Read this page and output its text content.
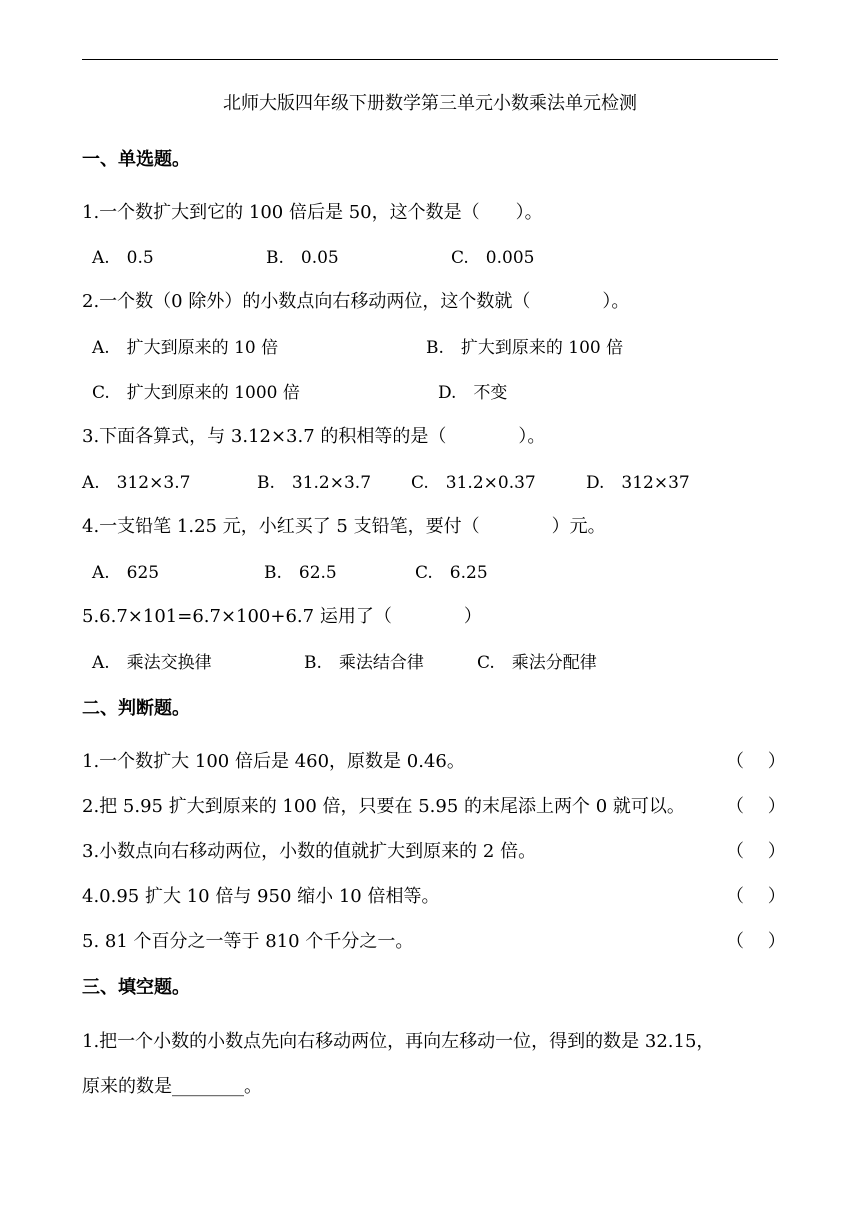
北师大版四年级下册数学第三单元小数乘法单元检测
一、单选题。
1.一个数扩大到它的 100 倍后是 50，这个数是（　　）。
A.　0.5	B.　0.05	C.　0.005
2.一个数（0 除外）的小数点向右移动两位，这个数就（　　　　）。
A.　扩大到原来的 10 倍	B.　扩大到原来的 100 倍
C.　扩大到原来的 1000 倍	D.　不变
3.下面各算式，与 3.12×3.7 的积相等的是（　　　　）。
A.　312×3.7	B.　31.2×3.7 C.　31.2×0.37	D.　312×37
4.一支铅笔 1.25 元，小红买了 5 支铅笔，要付（　　　　）元。
A.　625	B.　62.5	C.　6.25
5.6.7×101=6.7×100+6.7 运用了（　　　　）
A.　乘法交换律	B.　乘法结合律	C.　乘法分配律
二、判断题。
1.一个数扩大 100 倍后是 460，原数是 0.46。	（　 ）
2.把 5.95 扩大到原来的 100 倍，只要在 5.95 的末尾添上两个 0 就可以。 （　 ）
3.小数点向右移动两位，小数的值就扩大到原来的 2 倍。	（　 ）
4.0.95 扩大 10 倍与 950 缩小 10 倍相等。	（　 ）
5. 81 个百分之一等于 810 个千分之一。	（　 ）
三、填空题。
1.把一个小数的小数点先向右移动两位，再向左移动一位，得到的数是 32.15，
原来的数是________。
